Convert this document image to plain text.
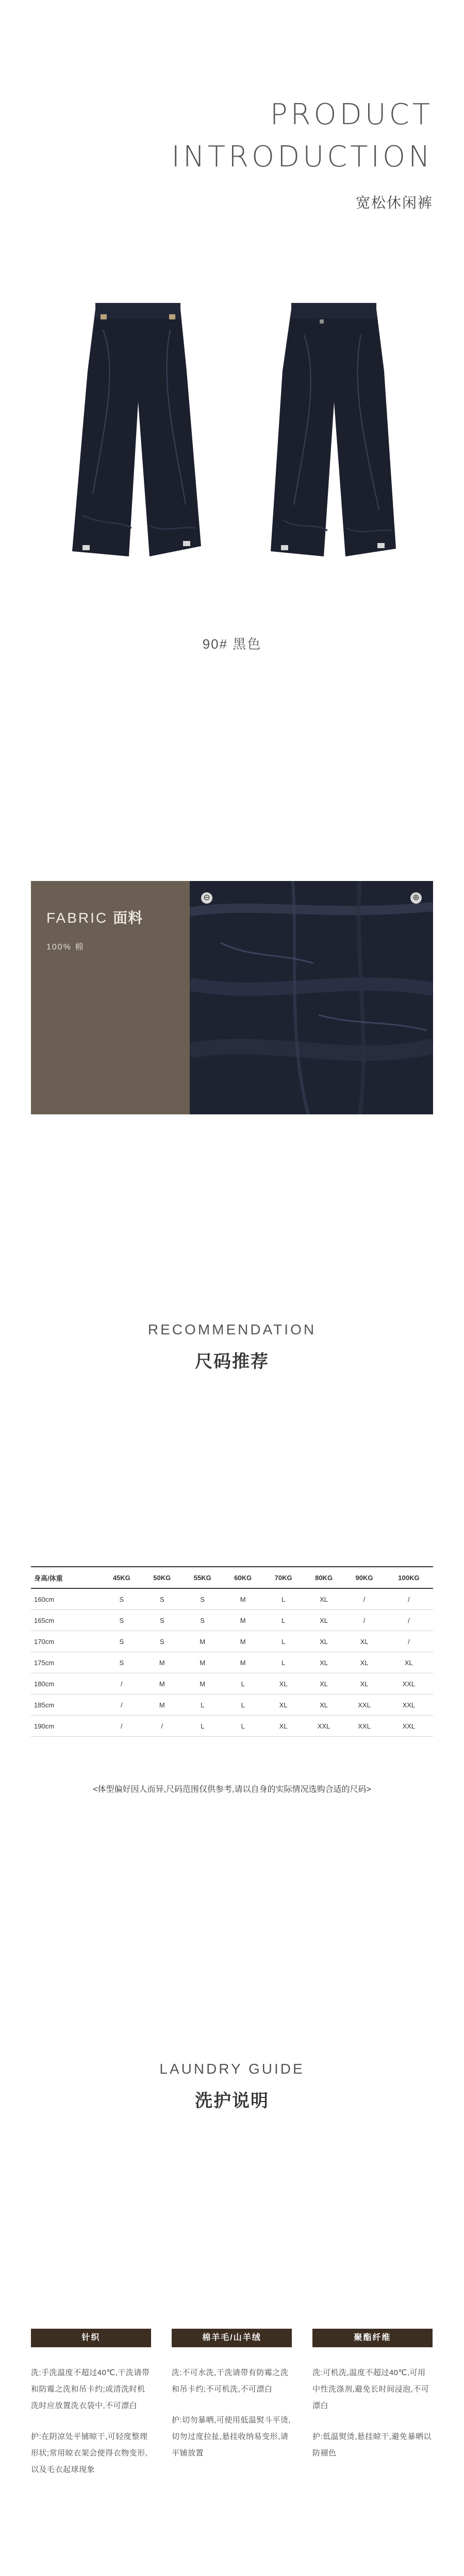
PRODUCT
INTRODUCTION
宽松休闲裤
90# 黑色
FABRIC 面料
100% 棉
⊖	⊕
RECOMMENDATION
尺码推荐
身高/体重	45KG	50KG	55KG	60KG	70KG	80KG	90KG	100KG
160cm	S	S	S	M	L	XL	/	/
165cm	S	S	S	M	L	XL	/	/
170cm	S	S	M	M	L	XL	XL	/
175cm	S	M	M	M	L	XL	XL	XL
180cm	/	M	M	L	XL	XL	XL	XXL
185cm	/	M	L	L	XL	XL	XXL	XXL
190cm	/	/	L	L	XL	XXL	XXL	XXL
<体型偏好因人而异,尺码范围仅供参考,请以自身的实际情况选购合适的尺码>
LAUNDRY GUIDE
洗护说明
针织

洗:手洗温度不超过40℃,干洗请带和防霉之洗和吊卡约;或清洗时机洗时应放置洗衣袋中,不可漂白

护:在阴凉处平铺晾干,可轻度整理形状;常用晾衣架会使得衣物变形,以及毛衣起球现象

棉羊毛/山羊绒

洗:不可水洗,干洗请带有防霉之洗和吊卡约;不可机洗,不可漂白

护:切勿暴晒,可使用低温熨斗平烫,切勿过度拉扯,悬挂收纳易变形,请平铺放置

聚酯纤维

洗:可机洗,温度不超过40℃,可用中性洗涤剂,避免长时间浸泡,不可漂白

护:低温熨烫,悬挂晾干,避免暴晒以防褪色
